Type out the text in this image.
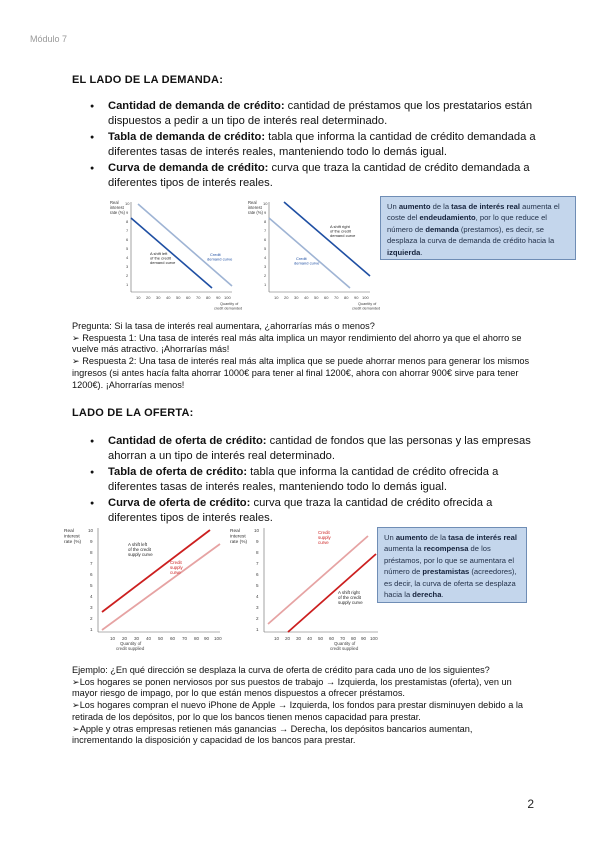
Módulo 7
EL LADO DE LA DEMANDA:
● Cantidad de demanda de crédito: cantidad de préstamos que los prestatarios están dispuestos a pedir a un tipo de interés real determinado.
● Tabla de demanda de crédito: tabla que informa la cantidad de crédito demandada a diferentes tasas de interés reales, manteniendo todo lo demás igual.
● Curva de demanda de crédito: curva que traza la cantidad de crédito demandada a diferentes tipos de interés reales.
Real interest rate (%)
10
9
8
7
6
5
4
3
2
1
10 20 30 40 50 60 70 80 90 100
Quantity of credit demanded
Credit demand curve
A shift left of the credit demand curve
Real interest rate (%)
10
9
8
7
6
5
4
3
2
1
10 20 30 40 50 60 70 80 90 100
Quantity of credit demanded
Credit demand curve
A shift right of the credit demand curve
Un aumento de la tasa de interés real aumenta el coste del endeudamiento, por lo que reduce el número de demanda (prestamos), es decir, se desplaza la curva de demanda de crédito hacia la izquierda.
Pregunta: Si la tasa de interés real aumentara, ¿ahorrarías más o menos?
➢ Respuesta 1: Una tasa de interés real más alta implica un mayor rendimiento del ahorro ya que el ahorro se vuelve más atractivo. ¡Ahorrarías más!
➢ Respuesta 2: Una tasa de interés real más alta implica que se puede ahorrar menos para generar los mismos ingresos (si antes hacía falta ahorrar 1000€ para tener al final 1200€, ahora con ahorrar 900€ sirve para tener 1200€). ¡Ahorrarías menos!
LADO DE LA OFERTA:
● Cantidad de oferta de crédito: cantidad de fondos que las personas y las empresas ahorran a un tipo de interés real determinado.
● Tabla de oferta de crédito: tabla que informa la cantidad de crédito ofrecida a diferentes tasas de interés reales, manteniendo todo lo demás igual.
● Curva de oferta de crédito: curva que traza la cantidad de crédito ofrecida a diferentes tipos de interés reales.
Real interest rate (%)
10
9
8
7
6
5
4
3
2
1
10 20 30 40 50 60 70 80 90 100
Quantity of credit supplied
Credit supply curve
A shift left of the credit supply curve
Real interest rate (%)
10
9
8
7
6
5
4
3
2
1
10 20 30 40 50 60 70 80 90 100
Quantity of credit supplied
Credit supply curve
A shift right of the credit supply curve
Un aumento de la tasa de interés real aumenta la recompensa de los préstamos, por lo que se aumentara el número de prestamistas (acreedores), es decir, la curva de oferta se desplaza hacia la derecha.
Ejemplo: ¿En qué dirección se desplaza la curva de oferta de crédito para cada uno de los siguientes?
➢Los hogares se ponen nerviosos por sus puestos de trabajo → Izquierda, los prestamistas (oferta), ven un mayor riesgo de impago, por lo que están menos dispuestos a ofrecer préstamos.
➢Los hogares compran el nuevo iPhone de Apple → Izquierda, los fondos para prestar disminuyen debido a la retirada de los depósitos, por lo que los bancos tienen menos capacidad para prestar.
➢Apple y otras empresas retienen más ganancias → Derecha, los depósitos bancarios aumentan, incrementando la disposición y capacidad de los bancos para prestar.
2
